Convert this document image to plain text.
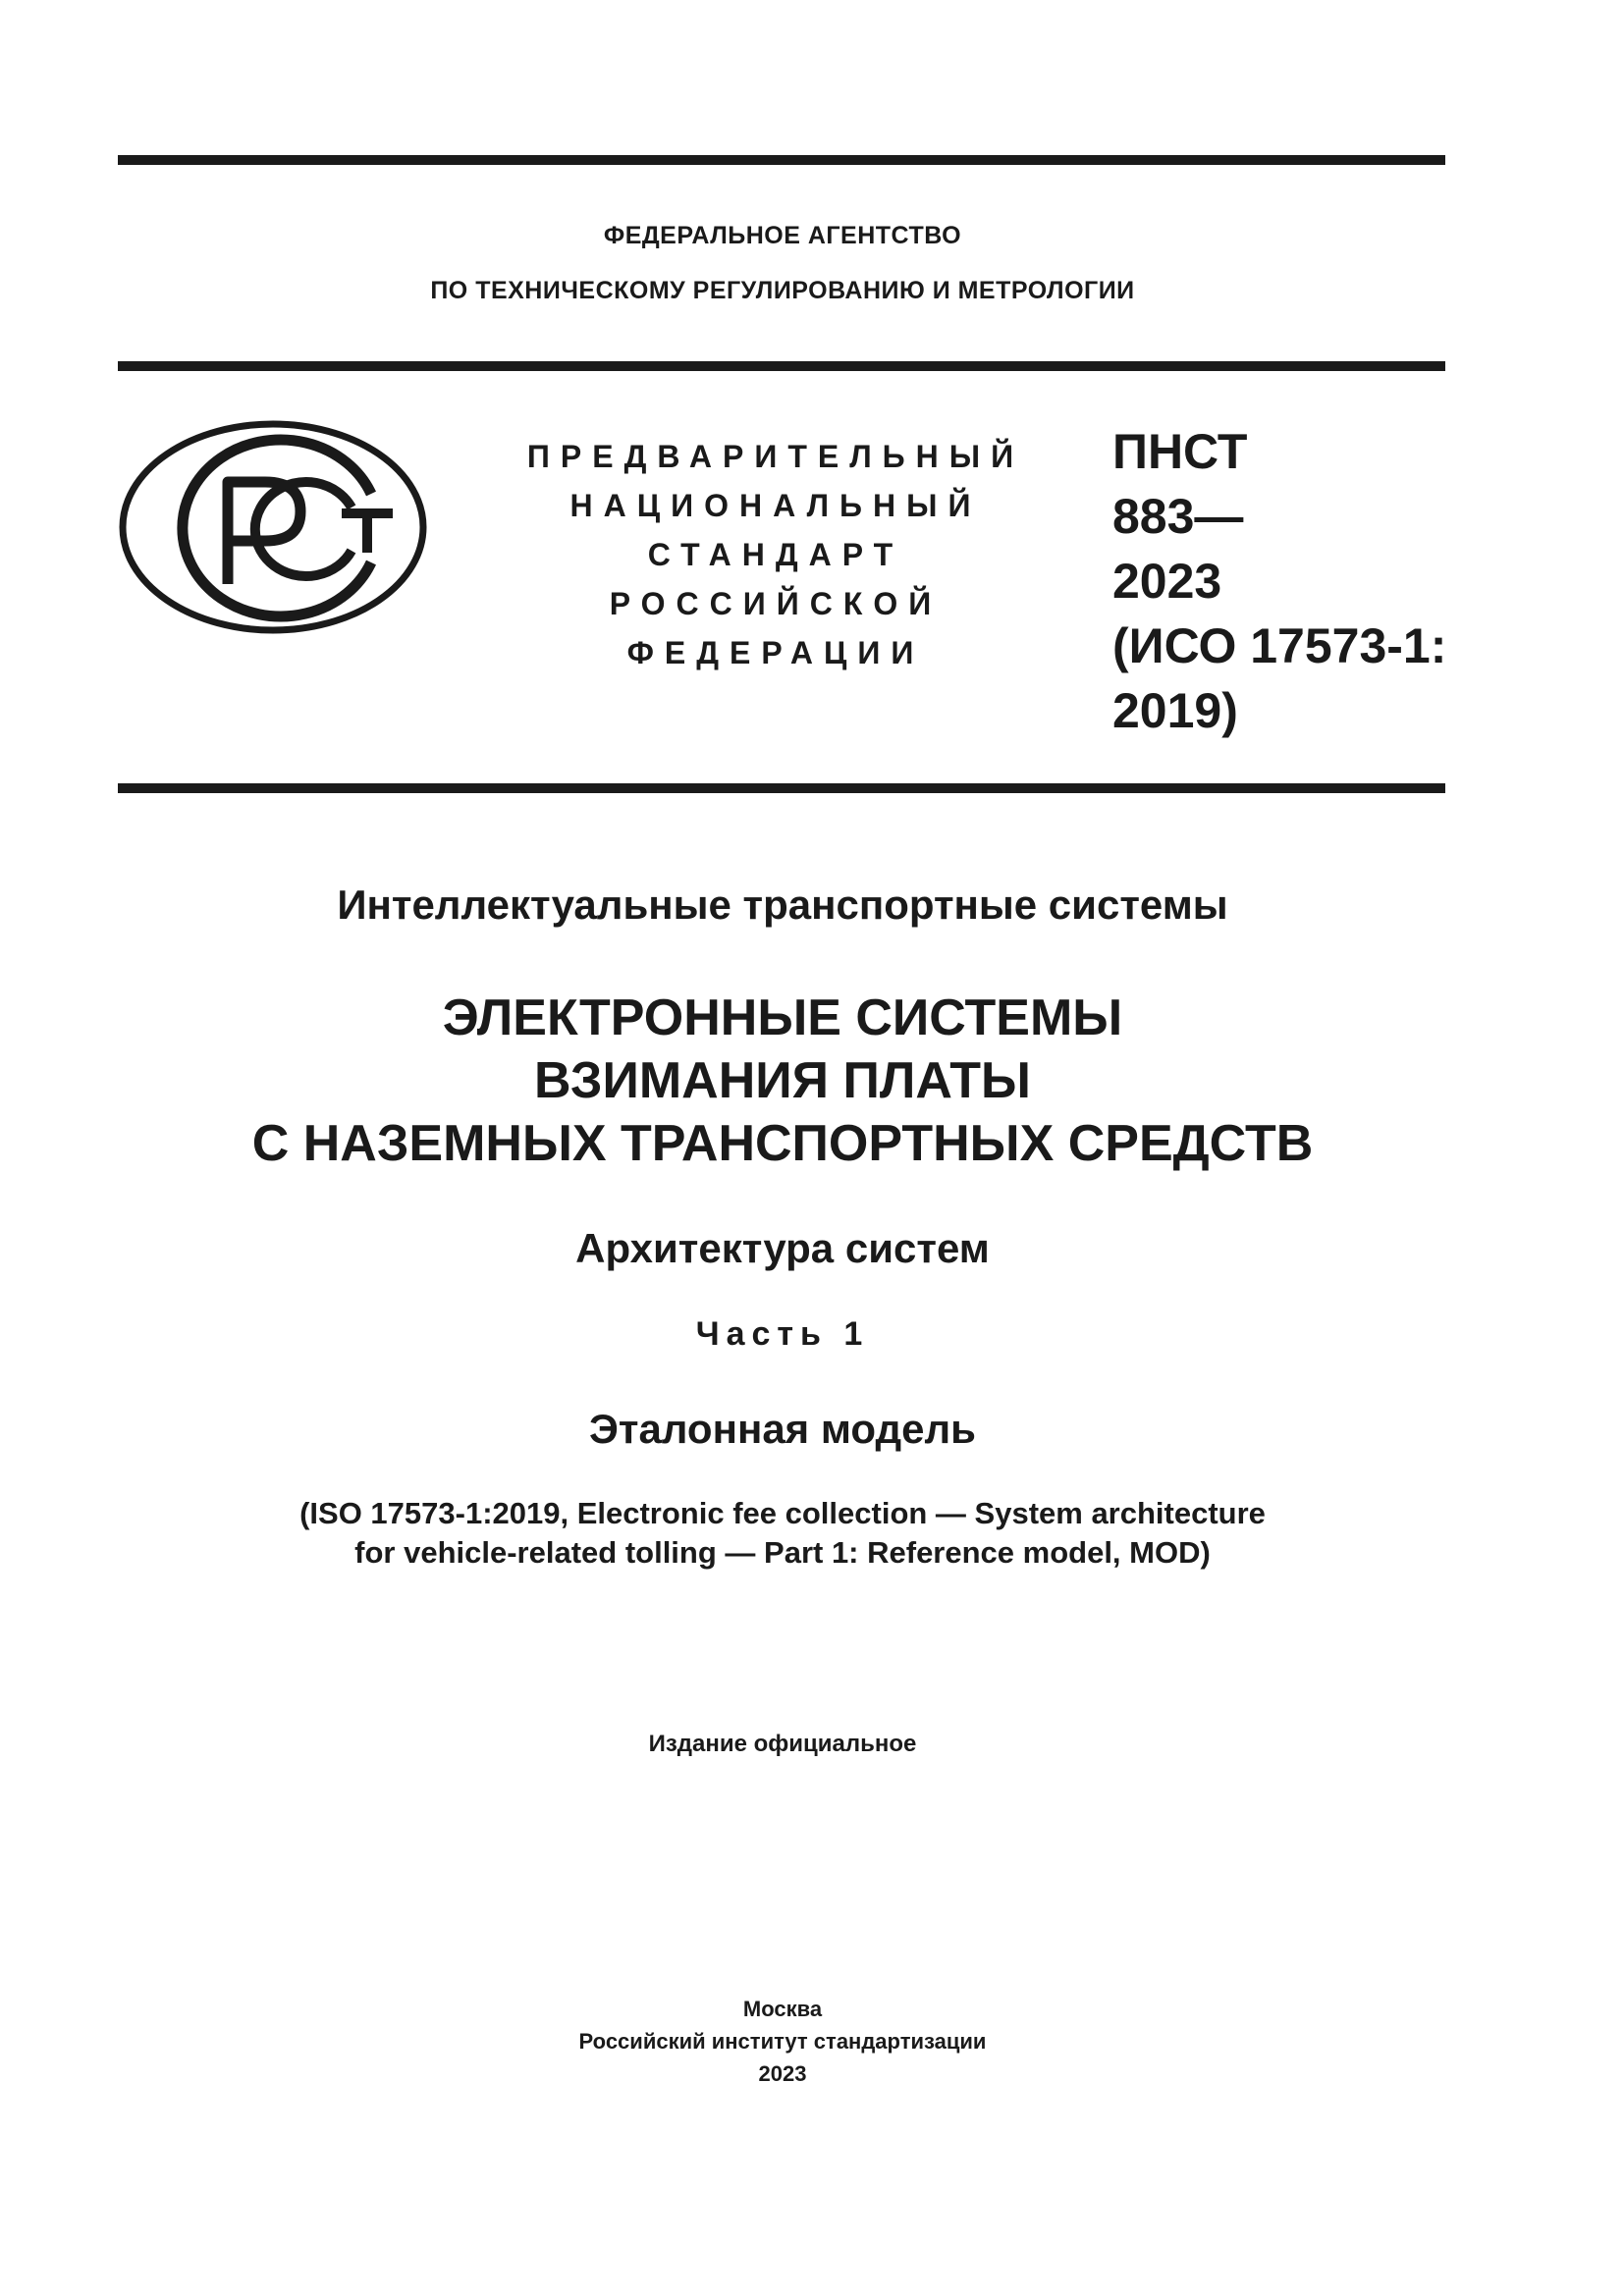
ФЕДЕРАЛЬНОЕ АГЕНТСТВО
ПО ТЕХНИЧЕСКОМУ РЕГУЛИРОВАНИЮ И МЕТРОЛОГИИ
ПРЕДВАРИТЕЛЬНЫЙ
НАЦИОНАЛЬНЫЙ
СТАНДАРТ
РОССИЙСКОЙ
ФЕДЕРАЦИИ
ПНСТ
883—
2023
(ИСО 17573-1:
2019)
Интеллектуальные транспортные системы
ЭЛЕКТРОННЫЕ СИСТЕМЫ
ВЗИМАНИЯ ПЛАТЫ
С НАЗЕМНЫХ ТРАНСПОРТНЫХ СРЕДСТВ
Архитектура систем
Часть 1
Эталонная модель
(ISO 17573-1:2019, Electronic fee collection — System architecture
for vehicle-related tolling — Part 1: Reference model, MOD)
Издание официальное
Москва
Российский институт стандартизации
2023
